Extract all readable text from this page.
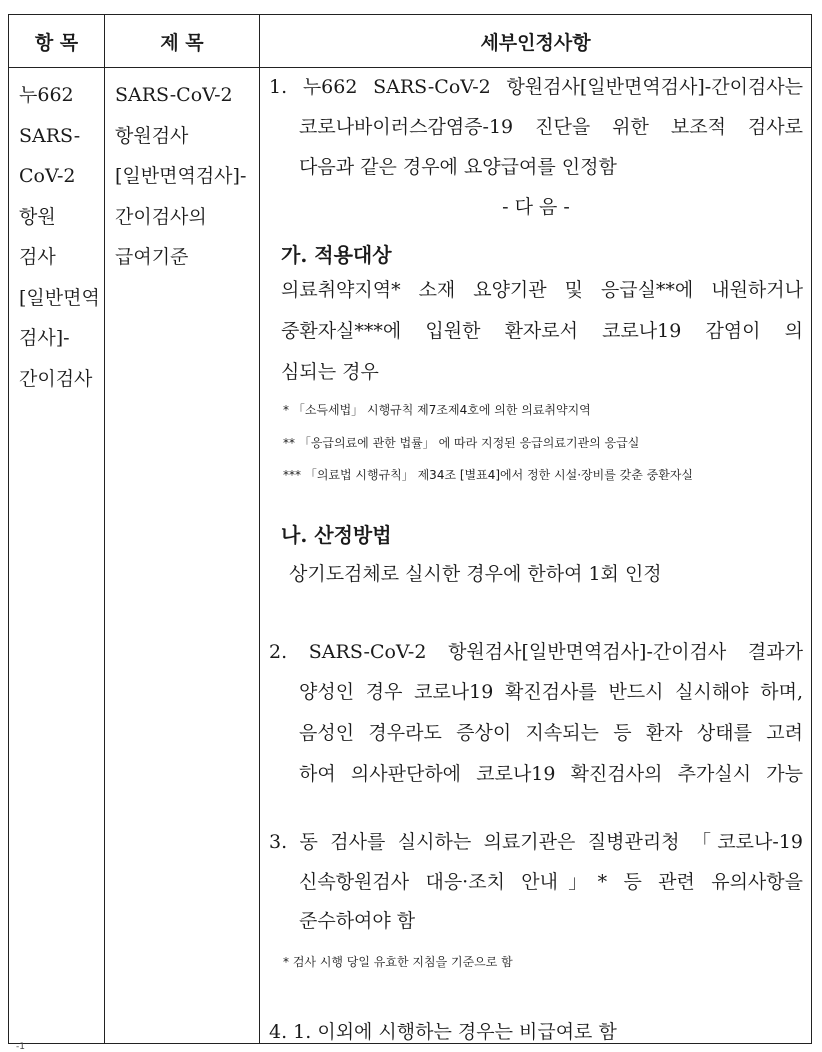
항 목	제 목	세부인정사항
누662
SARS-
CoV-2
항원
검사
[일반면역
검사]-
간이검사
SARS-CoV-2
항원검사
[일반면역검사]-
간이검사의
급여기준
1. 누662 SARS-CoV-2 항원검사[일반면역검사]-간이검사는
코로나바이러스감염증-19 진단을 위한 보조적 검사로
다음과 같은 경우에 요양급여를 인정함
- 다 음 -
가. 적용대상
의료취약지역* 소재 요양기관 및 응급실**에 내원하거나
중환자실***에 입원한 환자로서 코로나19 감염이 의
심되는 경우
* 「소득세법」 시행규칙 제7조제4호에 의한 의료취약지역
** 「응급의료에 관한 법률」 에 따라 지정된 응급의료기관의 응급실
*** 「의료법 시행규칙」 제34조 [별표4]에서 정한 시설·장비를 갖춘 중환자실
나. 산정방법
상기도검체로 실시한 경우에 한하여 1회 인정
2. SARS-CoV-2 항원검사[일반면역검사]-간이검사 결과가
양성인 경우 코로나19 확진검사를 반드시 실시해야 하며,
음성인 경우라도 증상이 지속되는 등 환자 상태를 고려
하여 의사판단하에 코로나19 확진검사의 추가실시 가능
3. 동 검사를 실시하는 의료기관은 질병관리청 「코로나-19
신속항원검사 대응·조치 안내」* 등 관련 유의사항을
준수하여야 함
* 검사 시행 당일 유효한 지침을 기준으로 함
4. 1. 이외에 시행하는 경우는 비급여로 함
-1
